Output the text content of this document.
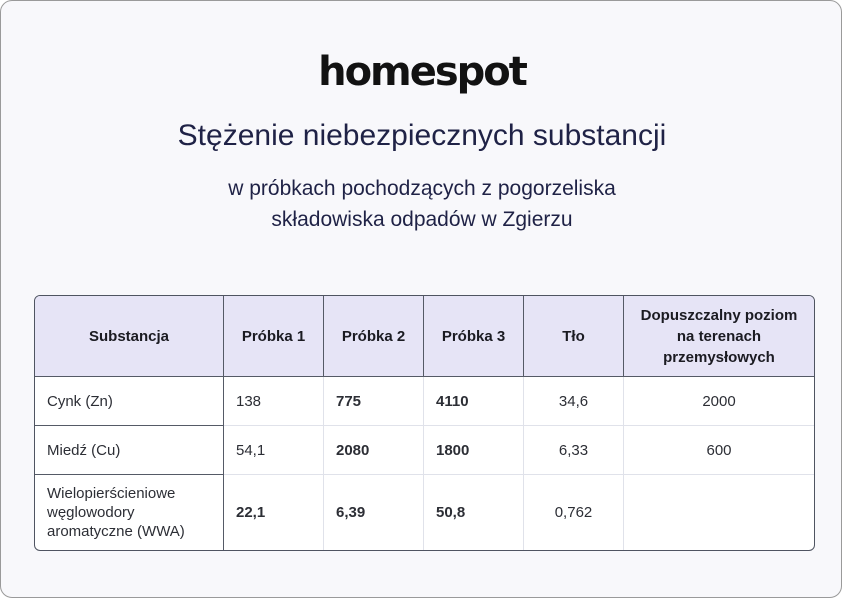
homespot
Stężenie niebezpiecznych substancji
w próbkach pochodzących z pogorzeliska
składowiska odpadów w Zgierzu
Substancja	Próbka 1	Próbka 2	Próbka 3	Tło	Dopuszczalny poziom na terenach przemysłowych
Cynk (Zn)	138	775	4110	34,6	2000
Miedź (Cu)	54,1	2080	1800	6,33	600
Wielopierścieniowe węglowodory aromatyczne (WWA)	22,1	6,39	50,8	0,762	
